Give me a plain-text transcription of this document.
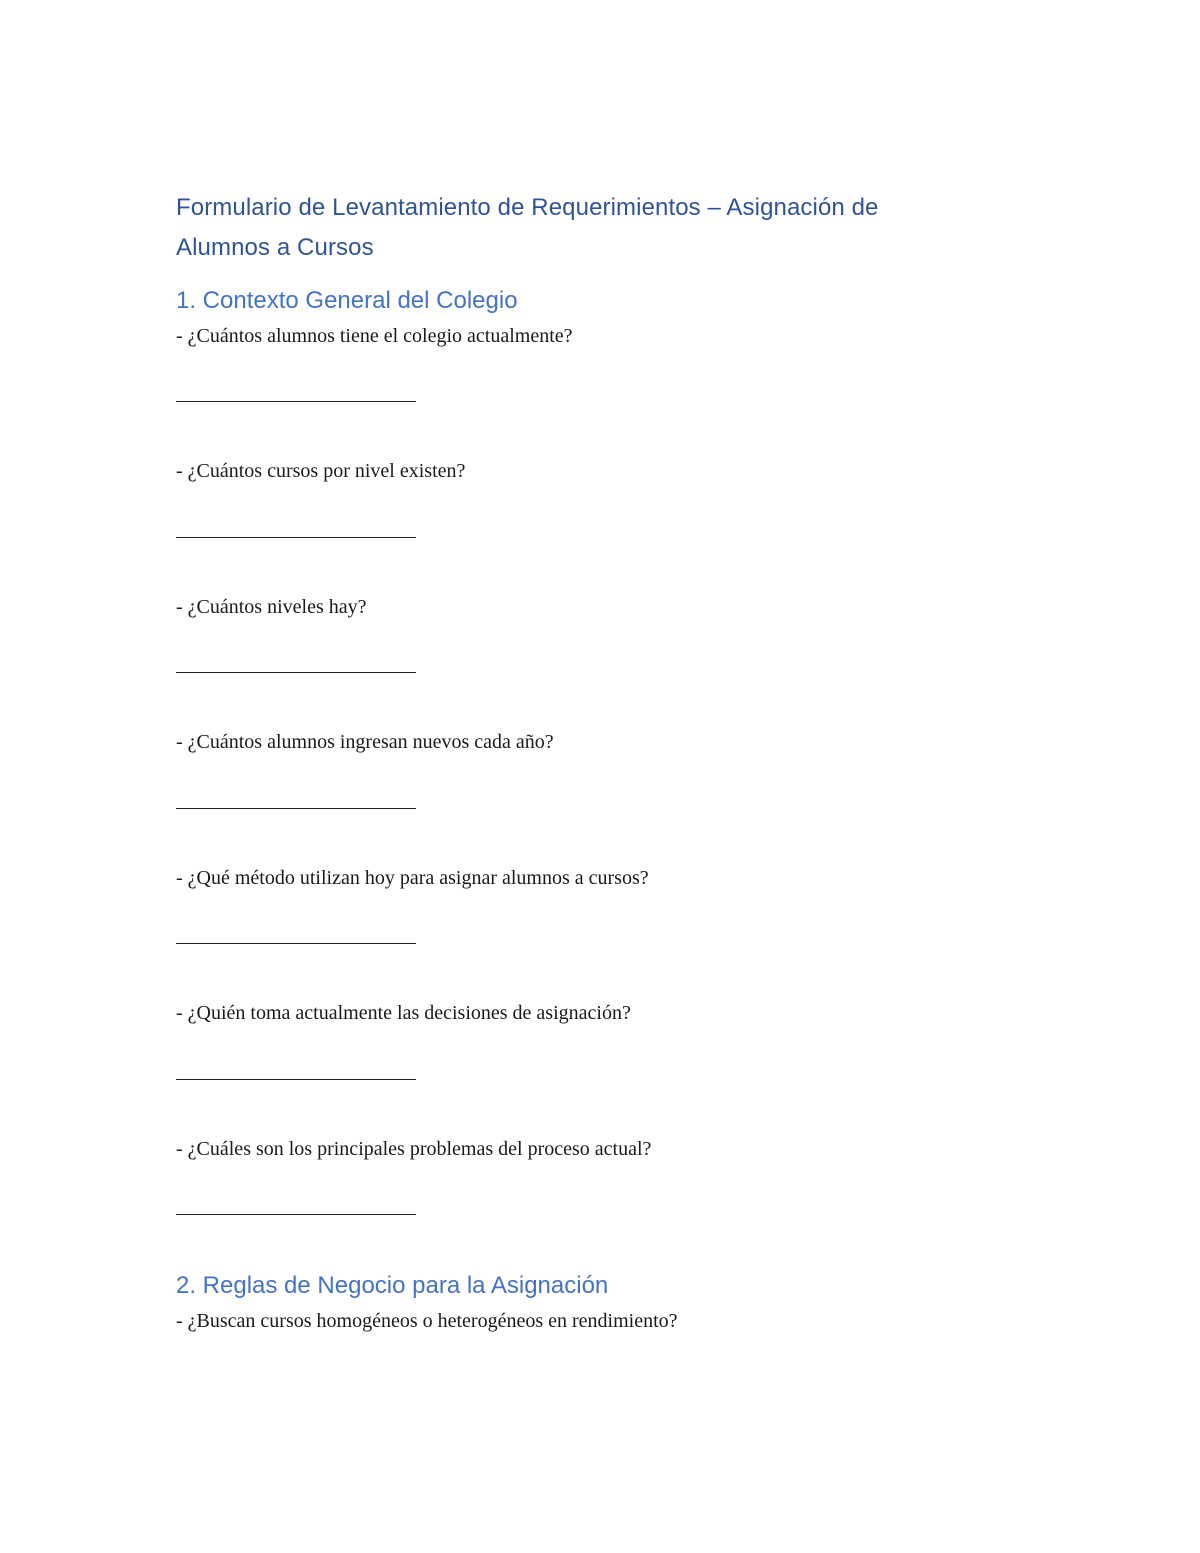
Formulario de Levantamiento de Requerimientos – Asignación de Alumnos a Cursos
1. Contexto General del Colegio

- ¿Cuántos alumnos tiene el colegio actualmente?

- ¿Cuántos cursos por nivel existen?

- ¿Cuántos niveles hay?

- ¿Cuántos alumnos ingresan nuevos cada año?

- ¿Qué método utilizan hoy para asignar alumnos a cursos?

- ¿Quién toma actualmente las decisiones de asignación?

- ¿Cuáles son los principales problemas del proceso actual?

2. Reglas de Negocio para la Asignación

- ¿Buscan cursos homogéneos o heterogéneos en rendimiento?
